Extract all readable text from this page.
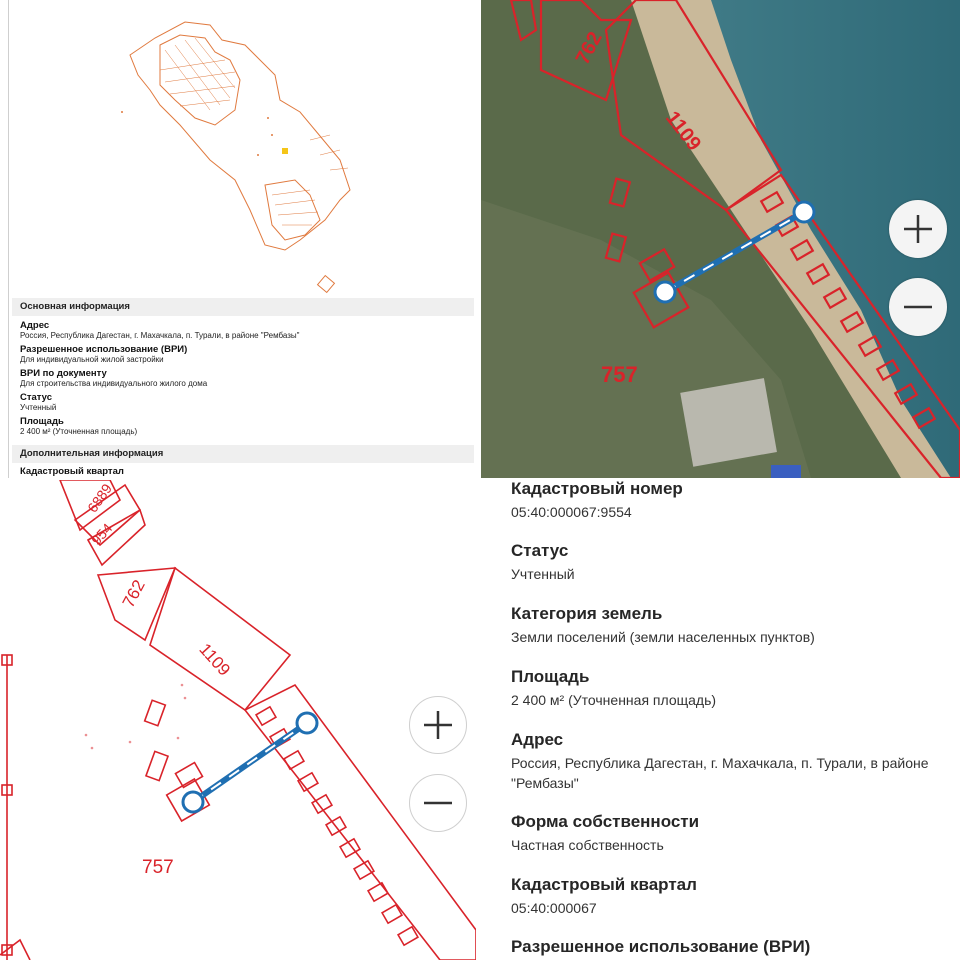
Основная информация
Адрес
Россия, Республика Дагестан, г. Махачкала, п. Турали, в районе "Рембазы"
Разрешенное использование (ВРИ)
Для индивидуальной жилой застройки
ВРИ по документу
Для строительства индивидуального жилого дома
Статус
Учтенный
Площадь
2 400 м² (Уточненная площадь)
Дополнительная информация
Кадастровый квартал
762
1109
757
6889
954
762
1109
757
Кадастровый номер
05:40:000067:9554
Статус
Учтенный
Категория земель
Земли поселений (земли населенных пунктов)
Площадь
2 400 м² (Уточненная площадь)
Адрес
Россия, Республика Дагестан, г. Махачкала, п. Турали, в районе "Рембазы"
Форма собственности
Частная собственность
Кадастровый квартал
05:40:000067
Разрешенное использование (ВРИ)
